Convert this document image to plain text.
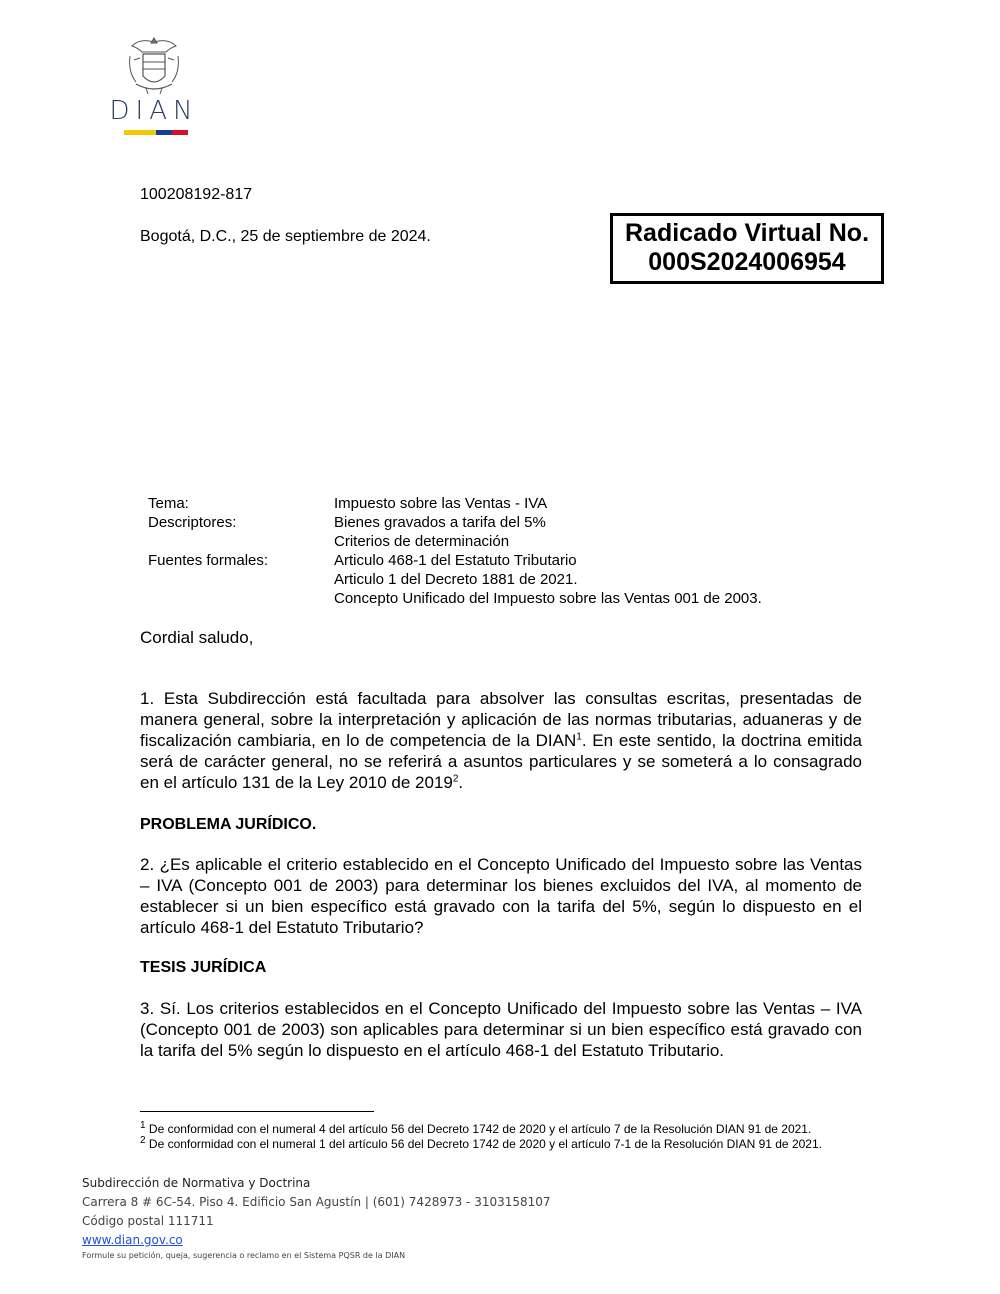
DIAN
100208192-817
Bogotá, D.C., 25 de septiembre de 2024.	Radicado Virtual No.
000S2024006954
Tema:	Impuesto sobre las Ventas - IVA
Descriptores:	Bienes gravados a tarifa del 5%
Criterios de determinación
Fuentes formales:	Articulo 468-1 del Estatuto Tributario
Articulo 1 del Decreto 1881 de 2021.
Concepto Unificado del Impuesto sobre las Ventas 001 de 2003.
Cordial saludo,
1. Esta Subdirección está facultada para absolver las consultas escritas, presentadas de manera general, sobre la interpretación y aplicación de las normas tributarias, aduaneras y de fiscalización cambiaria, en lo de competencia de la DIAN$^1$. En este sentido, la doctrina emitida será de carácter general, no se referirá a asuntos particulares y se someterá a lo consagrado en el artículo 131 de la Ley 2010 de 2019$^2$.
PROBLEMA JURÍDICO.
2. ¿Es aplicable el criterio establecido en el Concepto Unificado del Impuesto sobre las Ventas – IVA (Concepto 001 de 2003) para determinar los bienes excluidos del IVA, al momento de establecer si un bien específico está gravado con la tarifa del 5%, según lo dispuesto en el artículo 468-1 del Estatuto Tributario?
TESIS JURÍDICA
3. Sí. Los criterios establecidos en el Concepto Unificado del Impuesto sobre las Ventas – IVA (Concepto 001 de 2003) son aplicables para determinar si un bien específico está gravado con la tarifa del 5% según lo dispuesto en el artículo 468-1 del Estatuto Tributario.
$^1$ De conformidad con el numeral 4 del artículo 56 del Decreto 1742 de 2020 y el artículo 7 de la Resolución DIAN 91 de 2021.
$^2$ De conformidad con el numeral 1 del artículo 56 del Decreto 1742 de 2020 y el artículo 7-1 de la Resolución DIAN 91 de 2021.
Subdirección de Normativa y Doctrina
Carrera 8 # 6C-54. Piso 4. Edificio San Agustín | (601) 7428973 - 3103158107
Código postal 111711
www.dian.gov.co
Formule su petición, queja, sugerencia o reclamo en el Sistema PQSR de la DIAN
